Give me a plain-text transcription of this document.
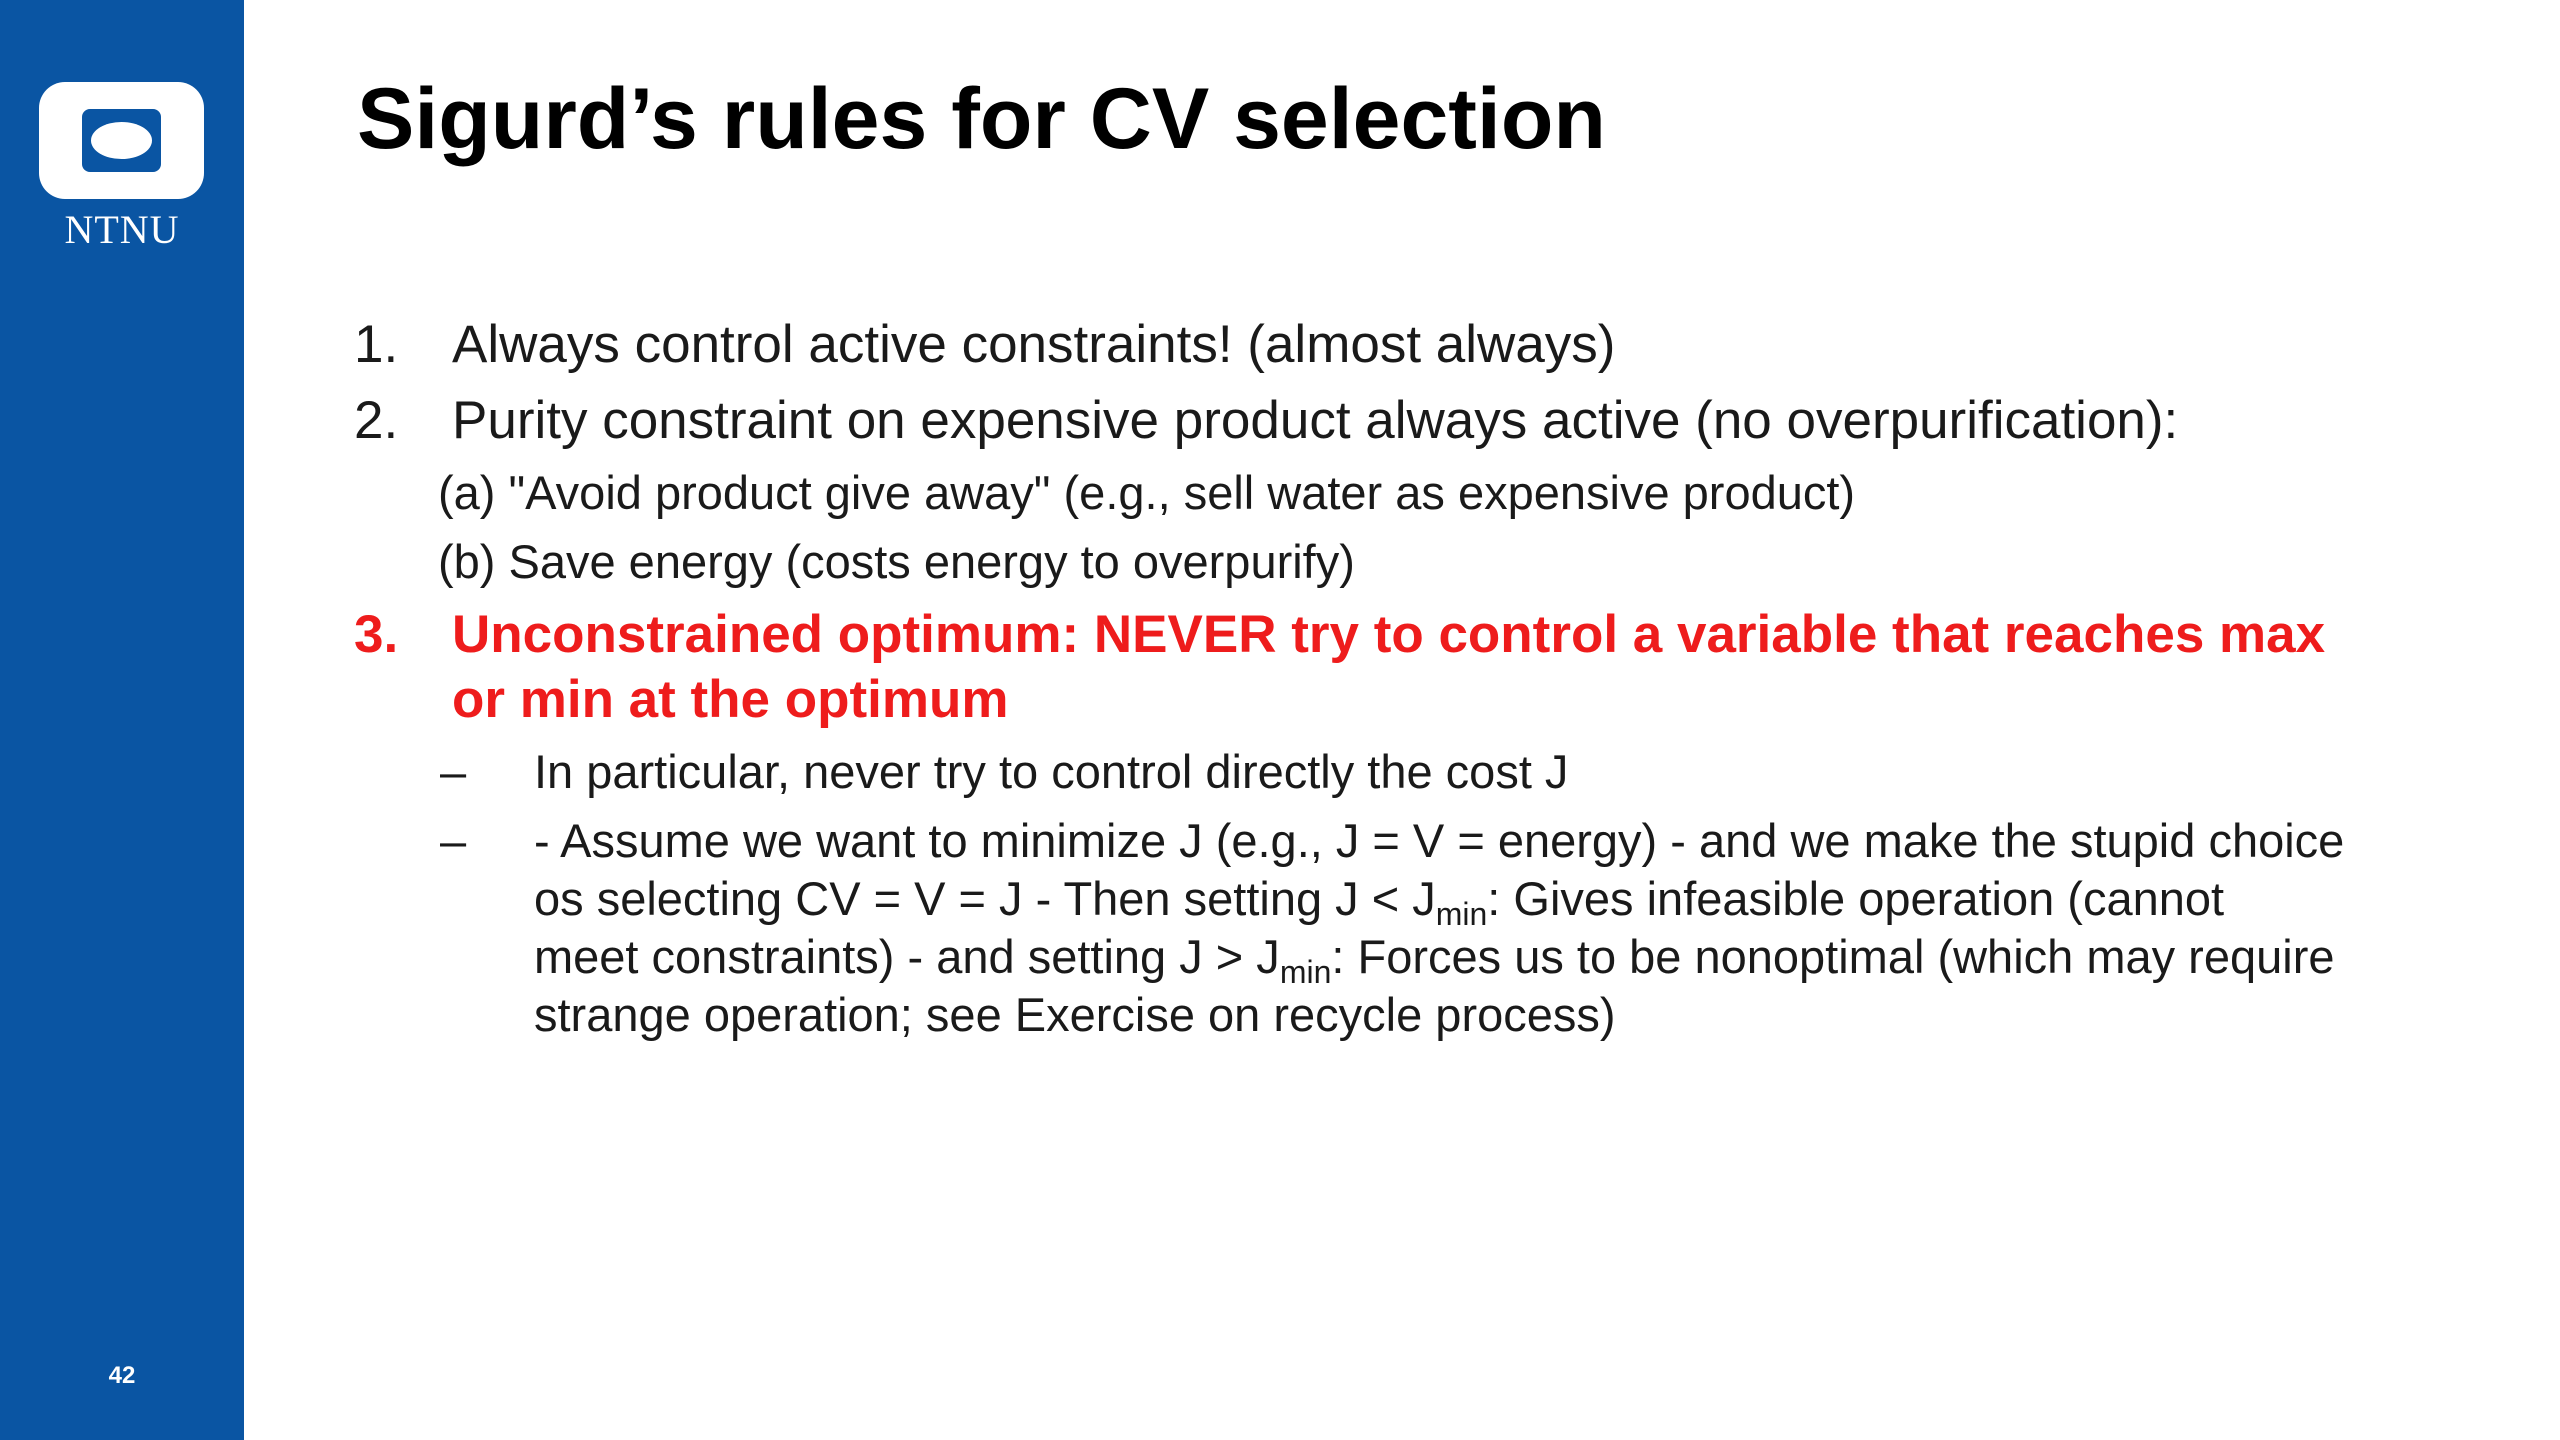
NTNU
42
Sigurd’s rules for CV selection
1. Always control active constraints! (almost always)
2. Purity constraint on expensive product always active (no overpurification):
(a) "Avoid product give away" (e.g., sell water as expensive product)
(b) Save energy (costs energy to overpurify)
3. Unconstrained optimum: NEVER try to control a variable that reaches max
or min at the optimum
– In particular, never try to control directly the cost J
– - Assume we want to minimize J (e.g., J = V = energy) - and we make the stupid choice
os selecting CV = V = J - Then setting $J < J_{min}$: Gives infeasible operation (cannot
meet constraints) - and setting $J > J_{min}$: Forces us to be nonoptimal (which may require
strange operation; see Exercise on recycle process)
